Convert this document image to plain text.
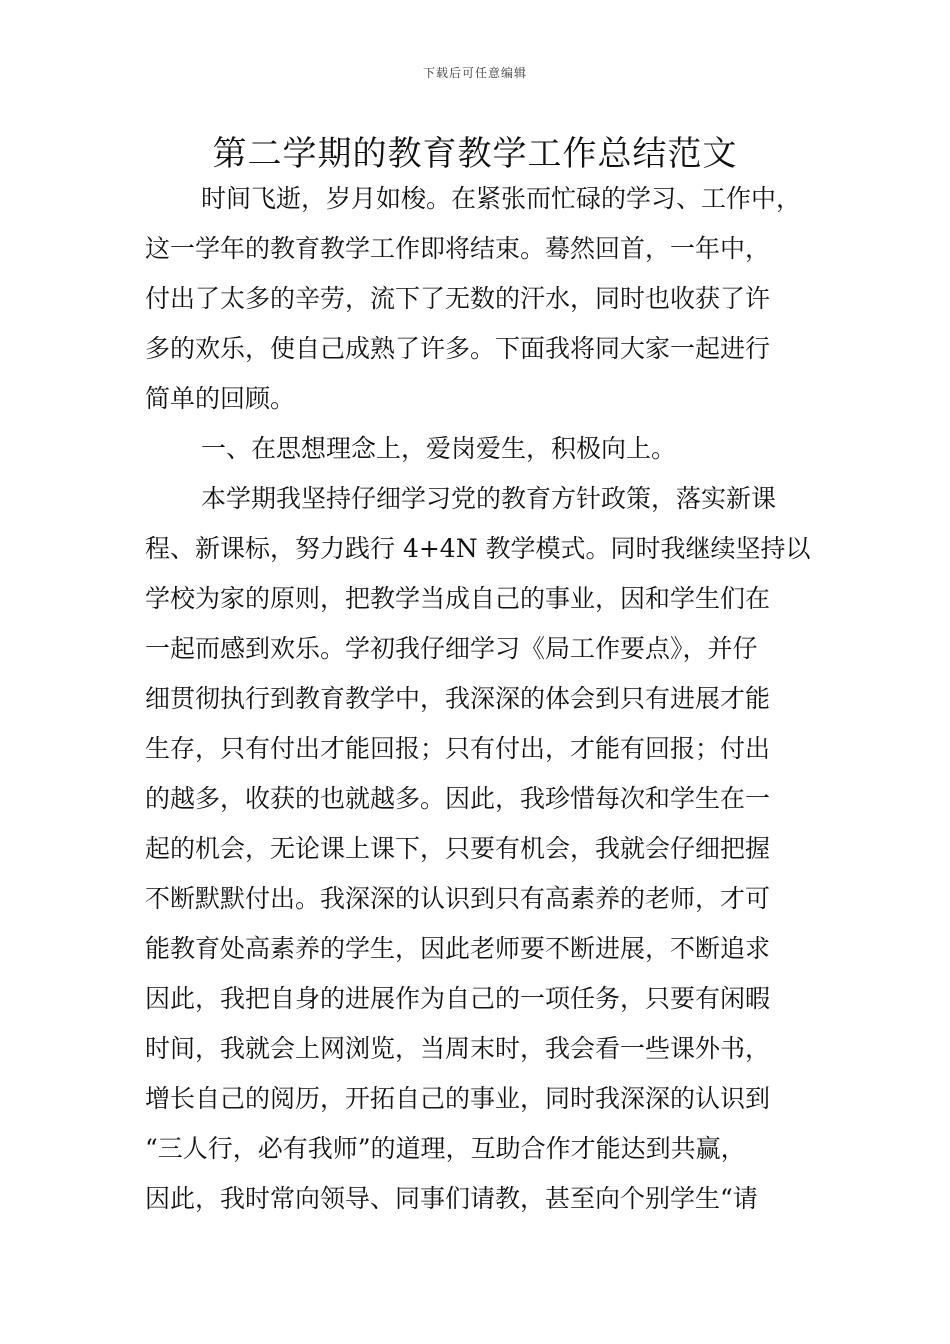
下载后可任意编辑
第二学期的教育教学工作总结范文
时间飞逝，岁月如梭。在紧张而忙碌的学习、工作中，
这一学年的教育教学工作即将结束。蓦然回首，一年中，
付出了太多的辛劳，流下了无数的汗水，同时也收获了许
多的欢乐，使自己成熟了许多。下面我将同大家一起进行
简单的回顾。
一、在思想理念上，爱岗爱生，积极向上。
本学期我坚持仔细学习党的教育方针政策，落实新课
程、新课标，努力践行 4+4N 教学模式。同时我继续坚持以
学校为家的原则，把教学当成自己的事业，因和学生们在
一起而感到欢乐。学初我仔细学习《局工作要点》，并仔
细贯彻执行到教育教学中，我深深的体会到只有进展才能
生存，只有付出才能回报；只有付出，才能有回报；付出
的越多，收获的也就越多。因此，我珍惜每次和学生在一
起的机会，无论课上课下，只要有机会，我就会仔细把握
不断默默付出。我深深的认识到只有高素养的老师，才可
能教育处高素养的学生，因此老师要不断进展，不断追求
因此，我把自身的进展作为自己的一项任务，只要有闲暇
时间，我就会上网浏览，当周末时，我会看一些课外书，
增长自己的阅历，开拓自己的事业，同时我深深的认识到
“三人行，必有我师”的道理，互助合作才能达到共赢，
因此，我时常向领导、同事们请教，甚至向个别学生“请
